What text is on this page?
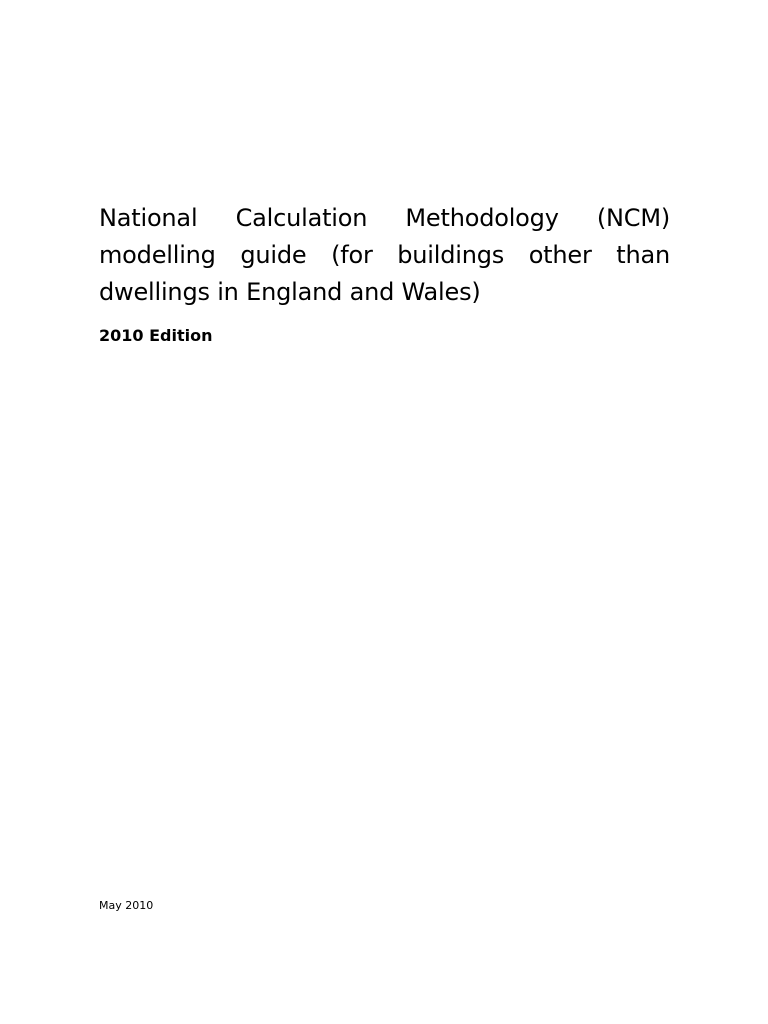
National Calculation Methodology (NCM) modelling guide (for buildings other than dwellings in England and Wales)

2010 Edition

May 2010
